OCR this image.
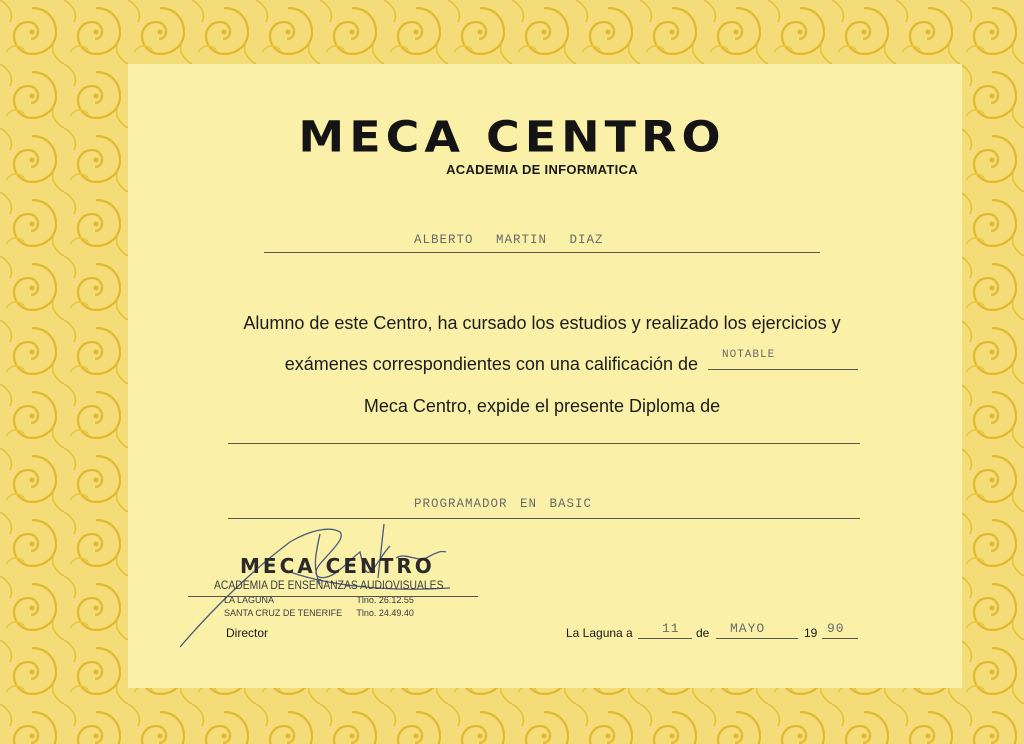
MECA CENTRO
ACADEMIA DE INFORMATICA
ALBERTO MARTIN DIAZ
Alumno de este Centro, ha cursado los estudios y realizado los ejercicios y
exámenes correspondientes con una calificación de NOTABLE
Meca Centro, expide el presente Diploma de
PROGRAMADOR EN BASIC
MECA CENTRO
ACADEMIA DE ENSEÑANZAS AUDIOVISUALES
LA LAGUNA	Tlno. 26.12.55
SANTA CRUZ DE TENERIFE Tlno. 24.49.40
Director	La Laguna a 11 de MAYO	19 90
